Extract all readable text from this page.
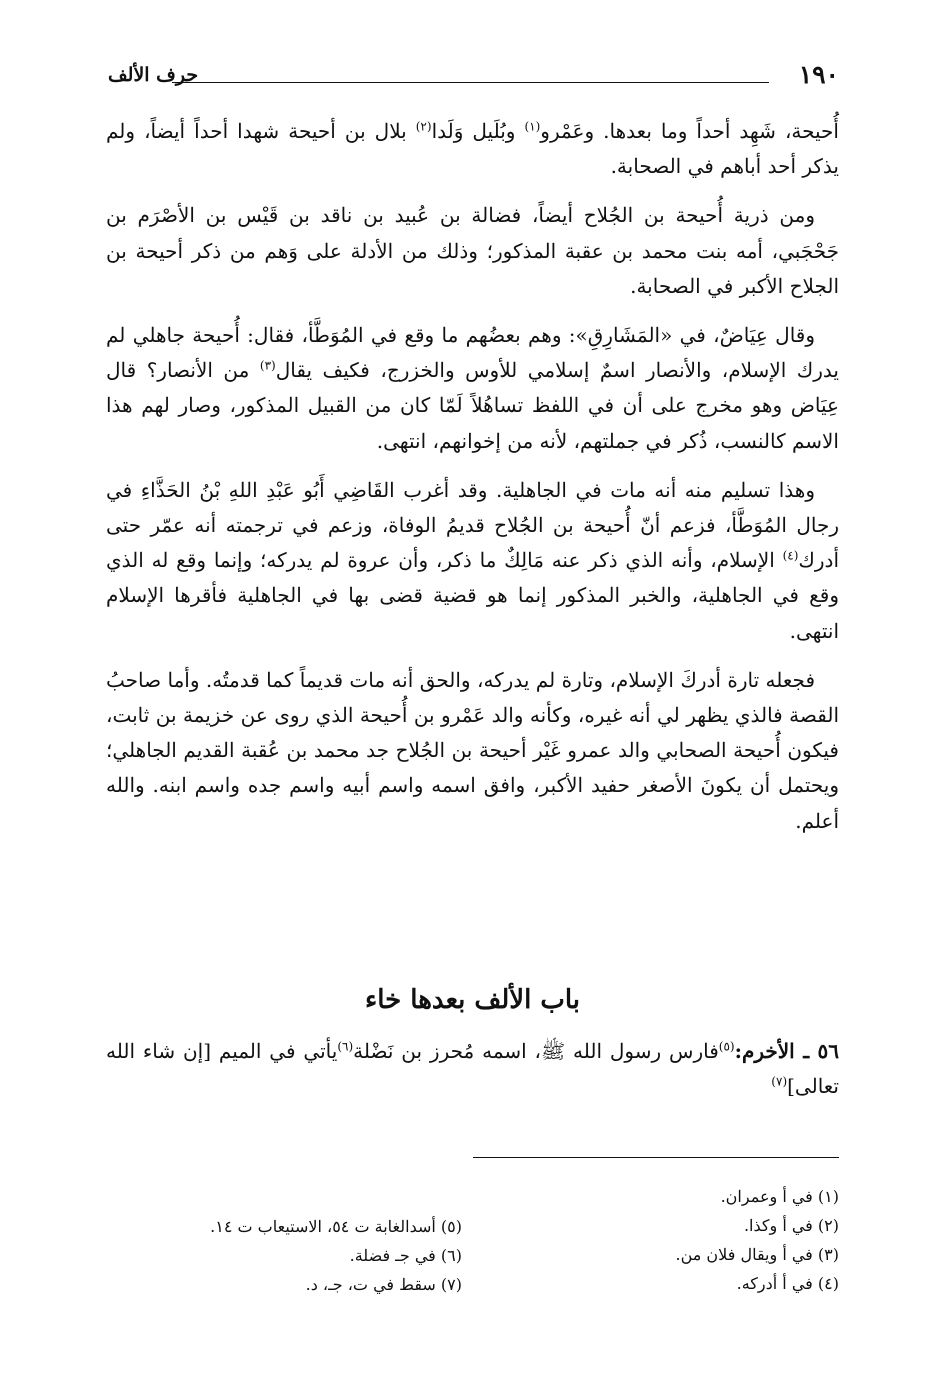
١٩٠
حرف الألف

أُحيحة، شَهِد أحداً وما بعدها. وعَمْرو$^{(١)}$ وبُلَيل وَلَدا$^{(٢)}$ بلال بن أحيحة شهدا أحداً أيضاً، ولم يذكر أحد أباهم في الصحابة.

ومن ذرية أُحيحة بن الجُلاح أيضاً، فضالة بن عُبيد بن ناقد بن قَيْس بن الأصْرَم بن جَحْجَبي، أمه بنت محمد بن عقبة المذكور؛ وذلك من الأدلة على وَهم من ذكر أحيحة بن الجلاح الأكبر في الصحابة.

وقال عِيَاضٌ، في «المَشَارِقِ»: وهم بعضُهم ما وقع في المُوَطَّأ، فقال: أُحيحة جاهلي لم يدرك الإسلام، والأنصار اسمٌ إسلامي للأوس والخزرج، فكيف يقال$^{(٣)}$ من الأنصار؟ قال عِيَاض وهو مخرج على أن في اللفظ تساهُلاً لَمّا كان من القبيل المذكور، وصار لهم هذا الاسم كالنسب، ذُكر في جملتهم، لأنه من إخوانهم، انتهى.

وهذا تسليم منه أنه مات في الجاهلية. وقد أغرب القَاضِي أَبُو عَبْدِ اللهِ بْنُ الحَذَّاءِ في رجال المُوَطَّأ، فزعم أنّ أُحيحة بن الجُلاح قديمُ الوفاة، وزعم في ترجمته أنه عمّر حتى أدرك$^{(٤)}$ الإسلام، وأنه الذي ذكر عنه مَالِكٌ ما ذكر، وأن عروة لم يدركه؛ وإنما وقع له الذي وقع في الجاهلية، والخبر المذكور إنما هو قضية قضى بها في الجاهلية فأقرها الإسلام انتهى.

فجعله تارة أدركَ الإسلام، وتارة لم يدركه، والحق أنه مات قديماً كما قدمتُه. وأما صاحبُ القصة فالذي يظهر لي أنه غيره، وكأنه والد عَمْرو بن أُحيحة الذي روى عن خزيمة بن ثابت، فيكون أُحيحة الصحابي والد عمرو غَيْر أحيحة بن الجُلاح جد محمد بن عُقبة القديم الجاهلي؛ ويحتمل أن يكونَ الأصغر حفيد الأكبر، وافق اسمه واسم أبيه واسم جده واسم ابنه. والله أعلم.

باب الألف بعدها خاء
٥٦ ـ الأخرم:$^{(٥)}$فارس رسول الله ﷺ، اسمه مُحرز بن نَضْلة$^{(٦)}$يأتي في الميم [إن شاء الله تعالى]$^{(٧)}$
(١) في أ وعمران.
(٢) في أ وكذا.
(٣) في أ ويقال فلان من.
(٤) في أ أدركه.
(٥) أسدالغابة ت ٥٤، الاستيعاب ت ١٤.
(٦) في جـ فضلة.
(٧) سقط في ت، جـ، د.
